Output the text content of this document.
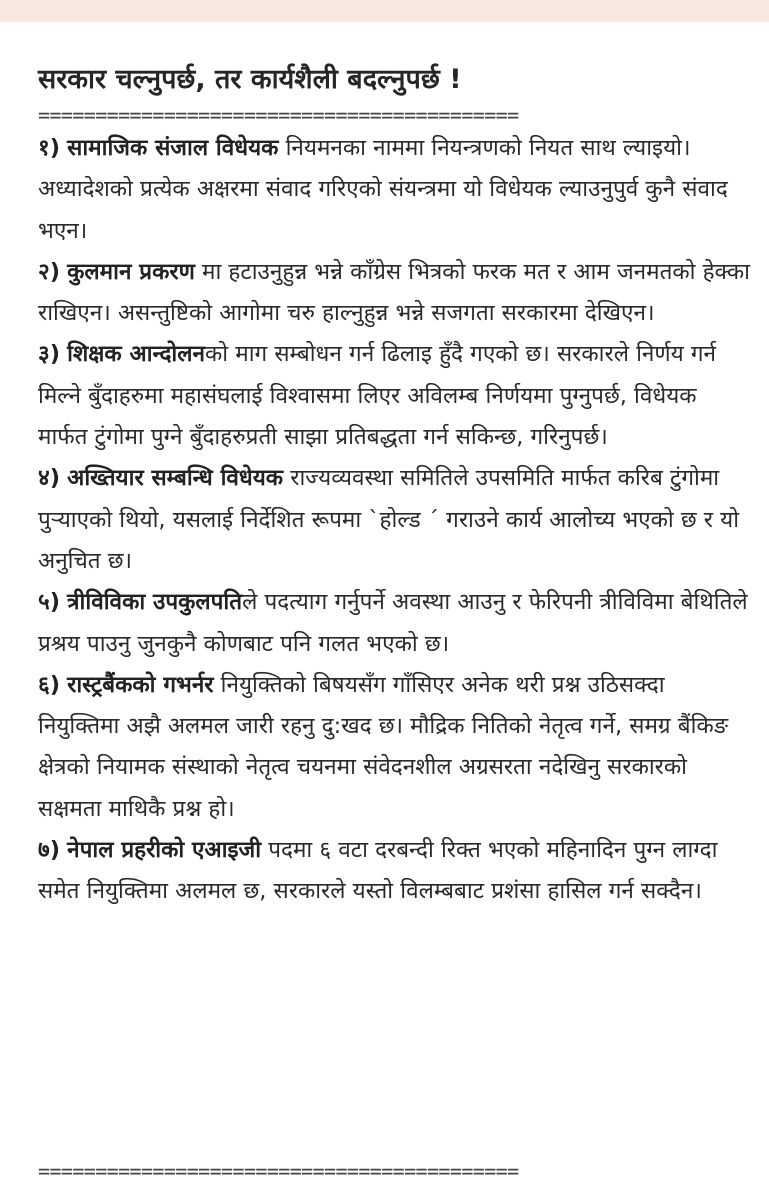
सरकार चल्नुपर्छ, तर कार्यशैली बदल्नुपर्छ !
==========================================

१) सामाजिक संजाल विधेयक नियमनका नाममा नियन्त्रणको नियत साथ ल्याइयो। अध्यादेशको प्रत्येक अक्षरमा संवाद गरिएको संयन्त्रमा यो विधेयक ल्याउनुपुर्व कुनै संवाद भएन।

२) कुलमान प्रकरण मा हटाउनुहुन्न भन्ने काँग्रेस भित्रको फरक मत र आम जनमतको हेक्का राखिएन। असन्तुष्टिको आगोमा चरु हाल्नुहुन्न भन्ने सजगता सरकारमा देखिएन।

३) शिक्षक आन्दोलनको माग सम्बोधन गर्न ढिलाइ हुँदै गएको छ। सरकारले निर्णय गर्न मिल्ने बुँदाहरुमा महासंघलाई विश्वासमा लिएर अविलम्ब निर्णयमा पुग्नुपर्छ, विधेयक मार्फत टुंगोमा पुग्ने बुँदाहरुप्रती साझा प्रतिबद्धता गर्न सकिन्छ, गरिनुपर्छ।

४) अख्तियार सम्बन्धि विधेयक राज्यव्यवस्था समितिले उपसमिति मार्फत करिब टुंगोमा पुर्‍याएको थियो, यसलाई निर्देशित रूपमा `होल्ड ´ गराउने कार्य आलोच्य भएको छ र यो अनुचित छ।

५) त्रीविविका उपकुलपतिले पदत्याग गर्नुपर्ने अवस्था आउनु र फेरिपनी त्रीविविमा बेथितिले प्रश्रय पाउनु जुनकुनै कोणबाट पनि गलत भएको छ।

६) रास्ट्रबैंकको गभर्नर नियुक्तिको बिषयसँग गाँसिएर अनेक थरी प्रश्न उठिसक्दा नियुक्तिमा अझै अलमल जारी रहनु दु:खद छ। मौद्रिक नितिको नेतृत्व गर्ने, समग्र बैंकिङ क्षेत्रको नियामक संस्थाको नेतृत्व चयनमा संवेदनशील अग्रसरता नदेखिनु सरकारको सक्षमता माथिकै प्रश्न हो।

७) नेपाल प्रहरीको एआइजी पदमा ६ वटा दरबन्दी रिक्त भएको महिनादिन पुग्न लाग्दा समेत नियुक्तिमा अलमल छ, सरकारले यस्तो विलम्बबाट प्रशंसा हासिल गर्न सक्दैन।

==========================================
